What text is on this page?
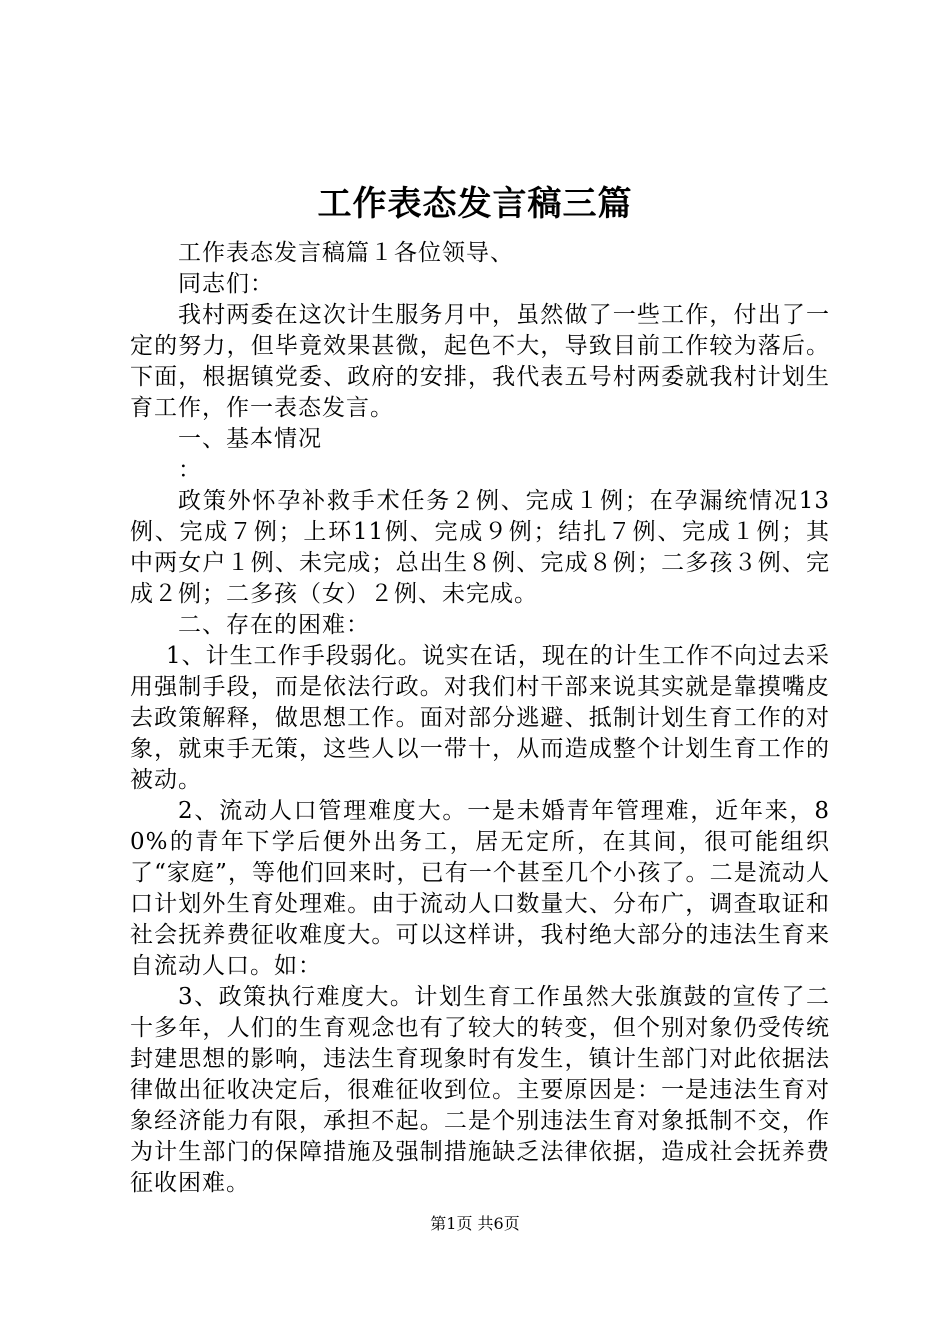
工作表态发言稿三篇

工作表态发言稿篇１各位领导、

同志们：

我村两委在这次计生服务月中，虽然做了一些工作，付出了一定的努力，但毕竟效果甚微，起色不大，导致目前工作较为落后。下面，根据镇党委、政府的安排，我代表五号村两委就我村计划生育工作，作一表态发言。

一、基本情况

：

政策外怀孕补救手术任务２例、完成１例；在孕漏统情况13例、完成７例；上环11例、完成９例；结扎７例、完成１例；其中两女户１例、未完成；总出生８例、完成８例；二多孩３例、完成２例；二多孩（女）２例、未完成。

二、存在的困难：

1、计生工作手段弱化。说实在话，现在的计生工作不向过去采用强制手段，而是依法行政。对我们村干部来说其实就是靠摸嘴皮去政策解释，做思想工作。面对部分逃避、抵制计划生育工作的对象，就束手无策，这些人以一带十，从而造成整个计划生育工作的被动。

2、流动人口管理难度大。一是未婚青年管理难，近年来，80%的青年下学后便外出务工，居无定所，在其间，很可能组织了“家庭”，等他们回来时，已有一个甚至几个小孩了。二是流动人口计划外生育处理难。由于流动人口数量大、分布广，调查取证和社会抚养费征收难度大。可以这样讲，我村绝大部分的违法生育来自流动人口。如：

3、政策执行难度大。计划生育工作虽然大张旗鼓的宣传了二十多年，人们的生育观念也有了较大的转变，但个别对象仍受传统封建思想的影响，违法生育现象时有发生，镇计生部门对此依据法律做出征收决定后，很难征收到位。主要原因是：一是违法生育对象经济能力有限，承担不起。二是个别违法生育对象抵制不交，作为计生部门的保障措施及强制措施缺乏法律依据，造成社会抚养费征收困难。

第1页 共6页
